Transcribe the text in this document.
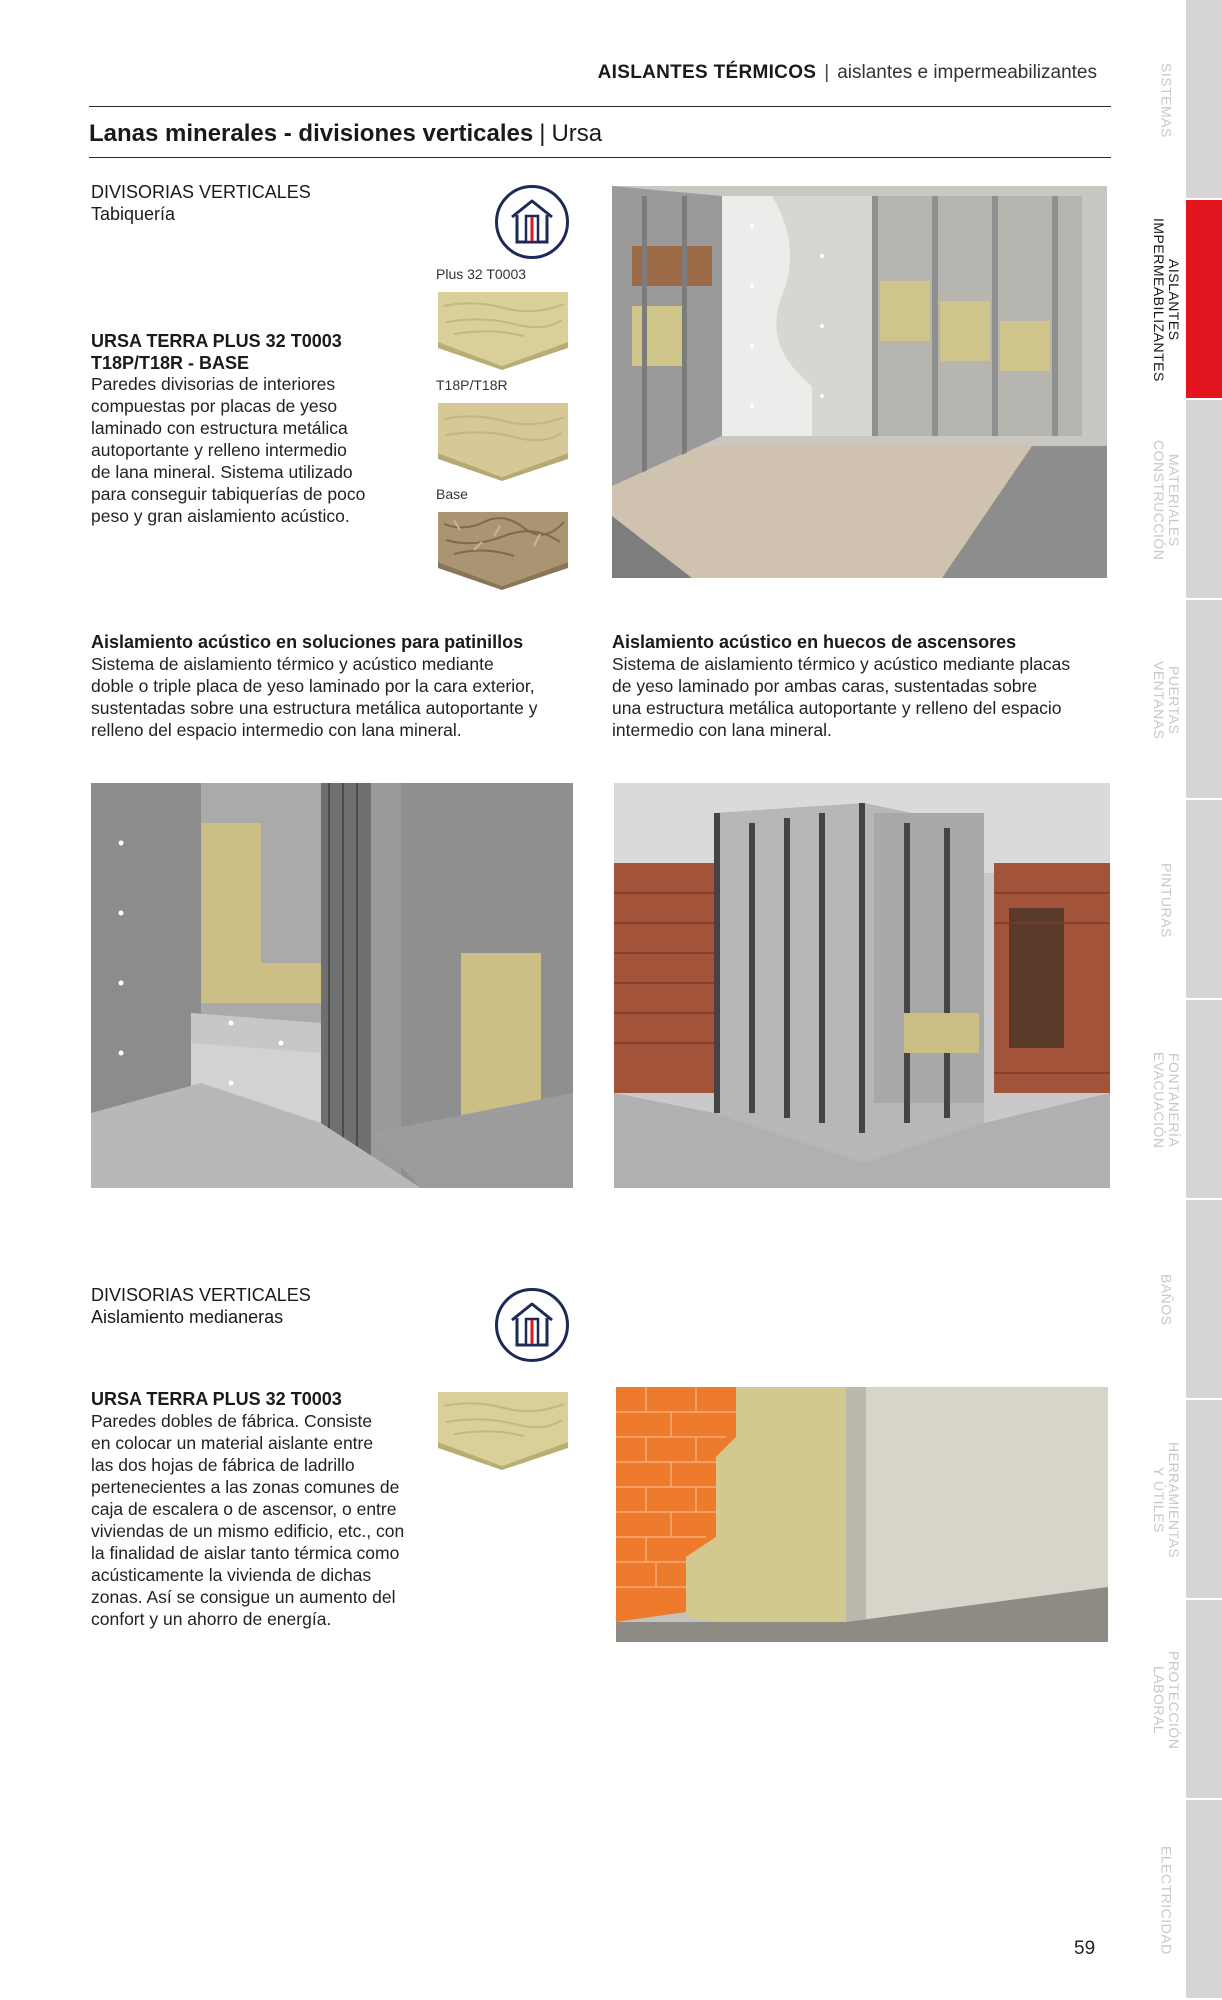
AISLANTES TÉRMICOS | aislantes e impermeabilizantes
Lanas minerales - divisiones verticales | Ursa	SISTEMAS
AISLANTES
IMPERMEABILIZANTES
MATERIALES
CONSTRUCCIÓN
PUERTAS
VENTANAS
PINTURAS
FONTANERÍA
EVACUACIÓN
BAÑOS
HERRAMIENTAS
Y ÚTILES
PROTECCIÓN
LABORAL
ELECTRICIDAD
DIVISORIAS VERTICALES
Tabiquería
URSA TERRA PLUS 32 T0003
T18P/T18R - BASE
Paredes divisorias de interiores
compuestas por placas de yeso
laminado con estructura metálica
autoportante y relleno intermedio
de lana mineral. Sistema utilizado
para conseguir tabiquerías de poco
peso y gran aislamiento acústico.
Plus 32 T0003
T18P/T18R
Base
Aislamiento acústico en soluciones para patinillos
Sistema de aislamiento térmico y acústico mediante
doble o triple placa de yeso laminado por la cara exterior,
sustentadas sobre una estructura metálica autoportante y
relleno del espacio intermedio con lana mineral.
Aislamiento acústico en huecos de ascensores
Sistema de aislamiento térmico y acústico mediante placas
de yeso laminado por ambas caras, sustentadas sobre
una estructura metálica autoportante y relleno del espacio
intermedio con lana mineral.
DIVISORIAS VERTICALES
Aislamiento medianeras
URSA TERRA PLUS 32 T0003
Paredes dobles de fábrica. Consiste
en colocar un material aislante entre
las dos hojas de fábrica de ladrillo
pertenecientes a las zonas comunes de
caja de escalera o de ascensor, o entre
viviendas de un mismo edificio, etc., con
la finalidad de aislar tanto térmica como
acústicamente la vivienda de dichas
zonas. Así se consigue un aumento del
confort y un ahorro de energía.
59
